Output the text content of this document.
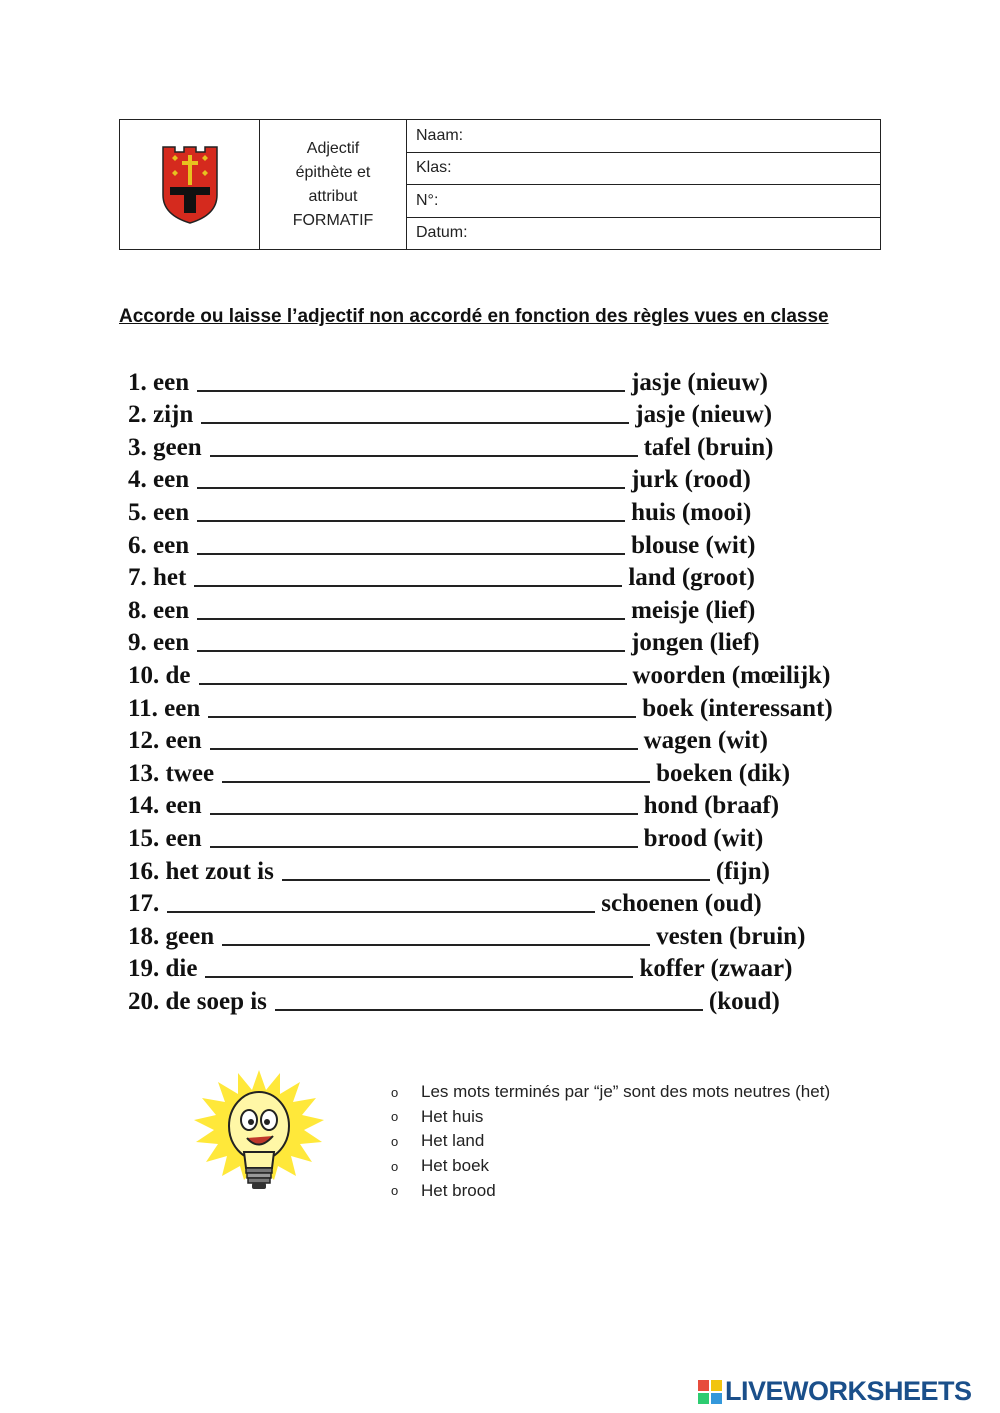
Adjectif
épithète et
attribut
FORMATIF
Naam:
Klas:
N°:
Datum:
Accorde ou laisse l’adjectif non accordé en fonction des règles vues en classe
1. een	jasje (nieuw)
2. zijn	jasje (nieuw)
3. geen	tafel (bruin)
4. een	jurk (rood)
5. een	huis (mooi)
6. een	blouse (wit)
7. het	land (groot)
8. een	meisje (lief)
9. een	jongen (lief)
10. de	woorden (mœilijk)
11. een	boek (interessant)
12. een	wagen (wit)
13. twee	boeken (dik)
14. een	hond (braaf)
15. een	brood (wit)
16. het zout is	(fijn)
17.	schoenen (oud)
18. geen	vesten (bruin)
19. die	koffer (zwaar)
20. de soep is	(koud)
o	Les mots terminés par “je” sont des mots neutres (het)
o	Het huis
o	Het land
o	Het boek
o	Het brood
LIVEWORKSHEETS
